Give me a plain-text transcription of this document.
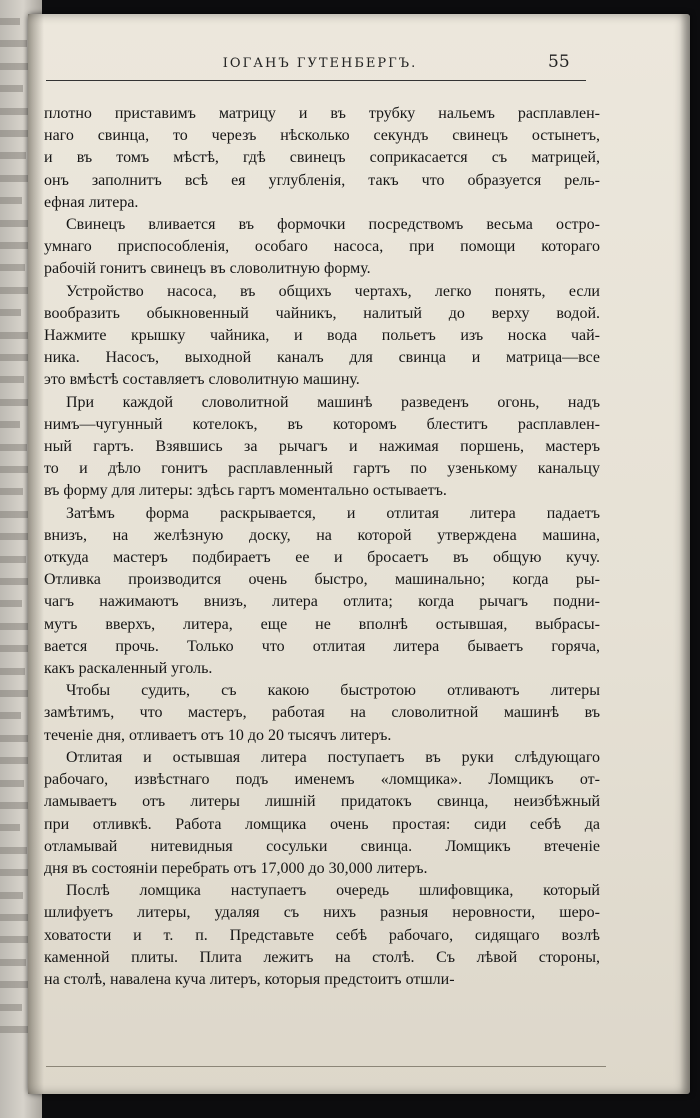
ІОГАНЪ ГУТЕНБЕРГЪ.	55
плотно приставимъ матрицу и въ трубку нальемъ расплавлен-
наго свинца, то черезъ нѣсколько секундъ свинецъ остынетъ,
и въ томъ мѣстѣ, гдѣ свинецъ соприкасается съ матрицей,
онъ заполнитъ всѣ ея углубленія, такъ что образуется рель-
ефная литера.
Свинецъ вливается въ формочки посредствомъ весьма остро-
умнаго приспособленія, особаго насоса, при помощи котораго
рабочій гонитъ свинецъ въ словолитную форму.
Устройство насоса, въ общихъ чертахъ, легко понять, если
вообразить обыкновенный чайникъ, налитый до верху водой.
Нажмите крышку чайника, и вода польетъ изъ носка чай-
ника. Насосъ, выходной каналъ для свинца и матрица—все
это вмѣстѣ составляетъ словолитную машину.
При каждой словолитной машинѣ разведенъ огонь, надъ
нимъ—чугунный котелокъ, въ которомъ блеститъ расплавлен-
ный гартъ. Взявшись за рычагъ и нажимая поршень, мастеръ
то и дѣло гонитъ расплавленный гартъ по узенькому канальцу
въ форму для литеры: здѣсь гартъ моментально остываетъ.
Затѣмъ форма раскрывается, и отлитая литера падаетъ
внизъ, на желѣзную доску, на которой утверждена машина,
откуда мастеръ подбираетъ ее и бросаетъ въ общую кучу.
Отливка производится очень быстро, машинально; когда ры-
чагъ нажимаютъ внизъ, литера отлита; когда рычагъ подни-
мутъ вверхъ, литера, еще не вполнѣ остывшая, выбрасы-
вается прочь. Только что отлитая литера бываетъ горяча,
какъ раскаленный уголь.
Чтобы судить, съ какою быстротою отливаютъ литеры
замѣтимъ, что мастеръ, работая на словолитной машинѣ въ
теченіе дня, отливаетъ отъ 10 до 20 тысячъ литеръ.
Отлитая и остывшая литера поступаетъ въ руки слѣдующаго
рабочаго, извѣстнаго подъ именемъ «ломщика». Ломщикъ от-
ламываетъ отъ литеры лишній придатокъ свинца, неизбѣжный
при отливкѣ. Работа ломщика очень простая: сиди себѣ да
отламывай нитевидныя сосульки свинца. Ломщикъ втеченіе
дня въ состояніи перебрать отъ 17,000 до 30,000 литеръ.
Послѣ ломщика наступаетъ очередь шлифовщика, который
шлифуетъ литеры, удаляя съ нихъ разныя неровности, шеро-
ховатости и т. п. Представьте себѣ рабочаго, сидящаго возлѣ
каменной плиты. Плита лежитъ на столѣ. Съ лѣвой стороны,
на столѣ, навалена куча литеръ, которыя предстоитъ отшли-
